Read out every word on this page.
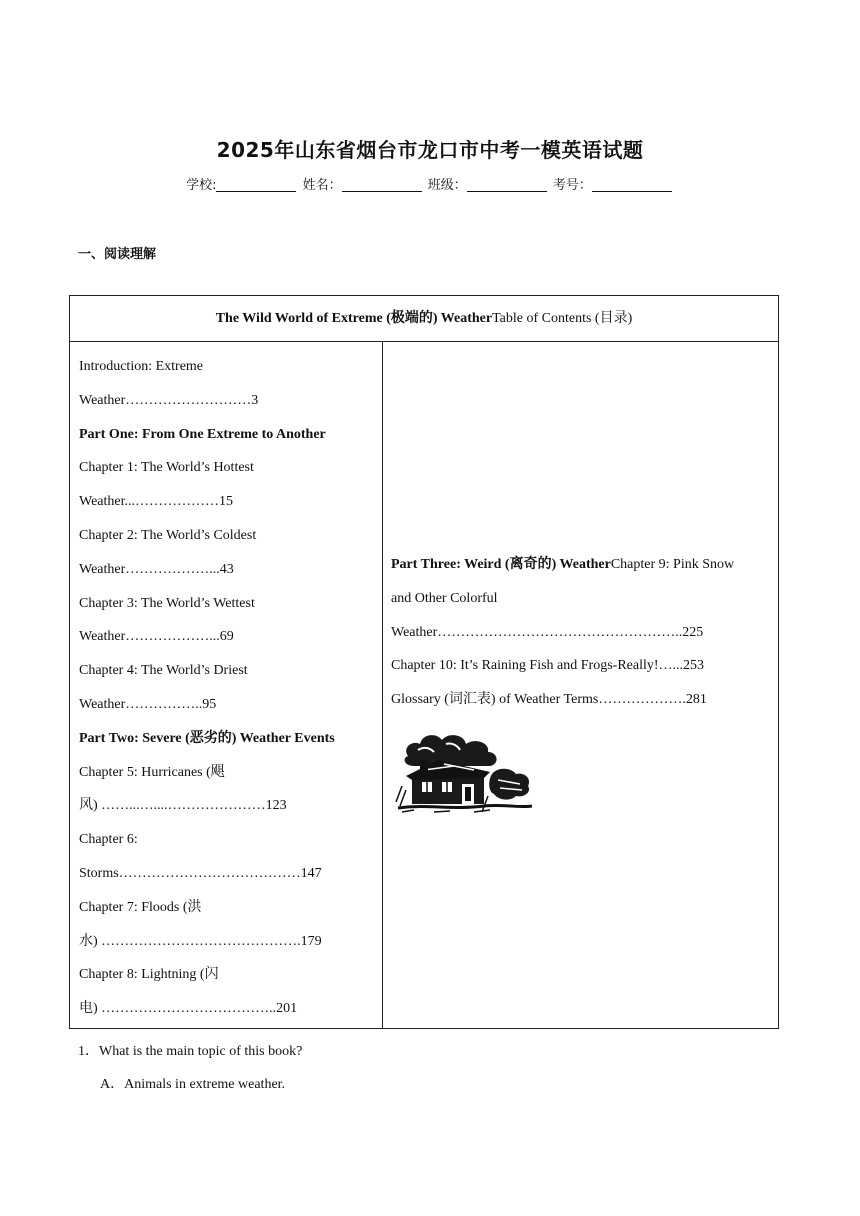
2025年山东省烟台市龙口市中考一模英语试题
学校:	姓名：	班级：	考号：
一、阅读理解
The Wild World of Extreme (极端的) WeatherTable of Contents (目录)
Introduction: Extreme
Weather………………………3
Part One: From One Extreme to Another
Chapter 1: The World’s Hottest
Weather...………………15
Chapter 2: The World’s Coldest
Weather………………...43
Chapter 3: The World’s Wettest
Weather………………...69
Chapter 4: The World’s Driest
Weather……………..95
Part Two: Severe (恶劣的) Weather Events
Chapter 5: Hurricanes (飓
风) ……...…....…………………123
Chapter 6:
Storms…………………………………147
Chapter 7: Floods (洪
水) …………………………………….179
Chapter 8: Lightning (闪
电) ………………………………..201
Part Three: Weird (离奇的) WeatherChapter 9: Pink Snow
and Other Colorful
Weather……………………………………………..225
Chapter 10: It’s Raining Fish and Frogs-Really!…...253
Glossary (词汇表) of Weather Terms……………….281
1．What is the main topic of this book?
A．Animals in extreme weather.
